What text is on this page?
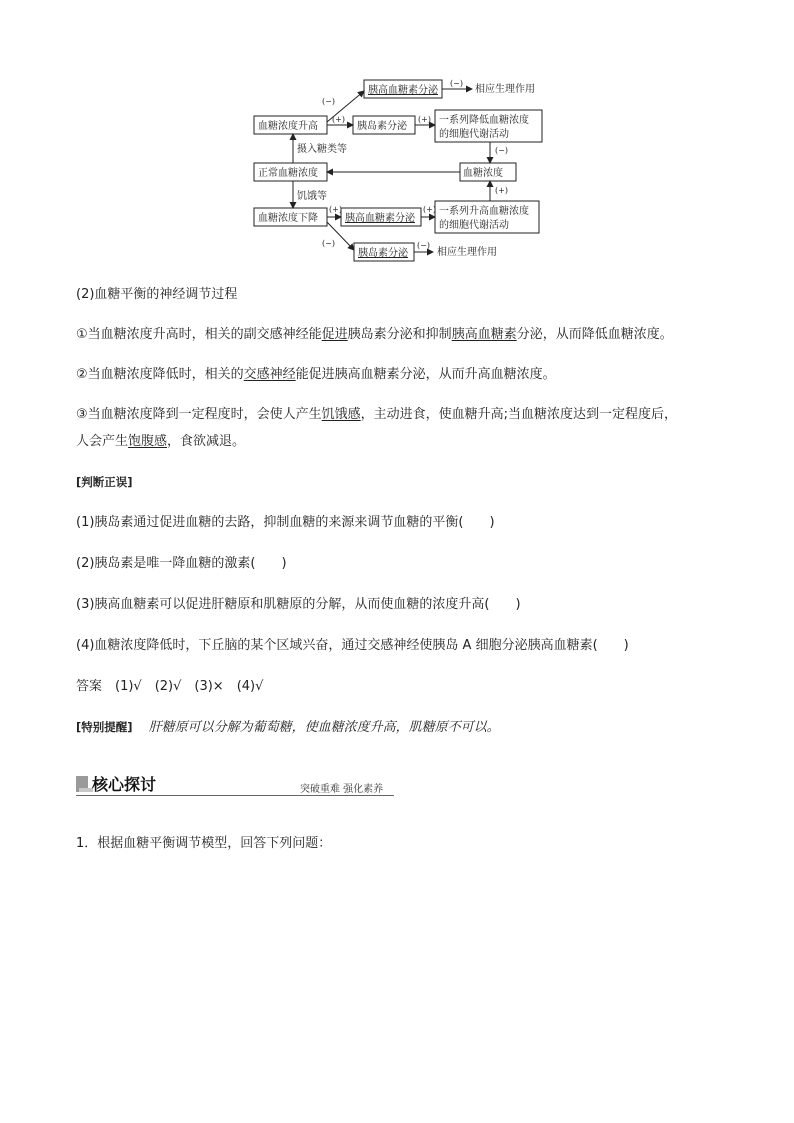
血糖浓度升高
正常血糖浓度
血糖浓度下降
胰高血糖素分泌
胰岛素分泌
一系列降低血糖浓度
的细胞代谢活动
血糖浓度
胰高血糖素分泌
一系列升高血糖浓度
的细胞代谢活动
胰岛素分泌
相应生理作用
相应生理作用
摄入糖类等
饥饿等
(−)
(−)
(+)	(+)
(−)
(+)
(+)	(+)
(−)	(−)
(2)血糖平衡的神经调节过程
①当血糖浓度升高时，相关的副交感神经能促进胰岛素分泌和抑制胰高血糖素分泌，从而降低血糖浓度。
②当血糖浓度降低时，相关的交感神经能促进胰高血糖素分泌，从而升高血糖浓度。
③当血糖浓度降到一定程度时，会使人产生饥饿感，主动进食，使血糖升高;当血糖浓度达到一定程度后，
人会产生饱腹感，食欲减退。
[判断正误]
(1)胰岛素通过促进血糖的去路，抑制血糖的来源来调节血糖的平衡(　　)
(2)胰岛素是唯一降血糖的激素(　　)
(3)胰高血糖素可以促进肝糖原和肌糖原的分解，从而使血糖的浓度升高(　　)
(4)血糖浓度降低时，下丘脑的某个区域兴奋，通过交感神经使胰岛 A 细胞分泌胰高血糖素(　　)
答案　(1)√　(2)√　(3)×　(4)√
[特别提醒] 肝糖原可以分解为葡萄糖，使血糖浓度升高，肌糖原不可以。
核心探讨	突破重难 强化素养
1．根据血糖平衡调节模型，回答下列问题：
